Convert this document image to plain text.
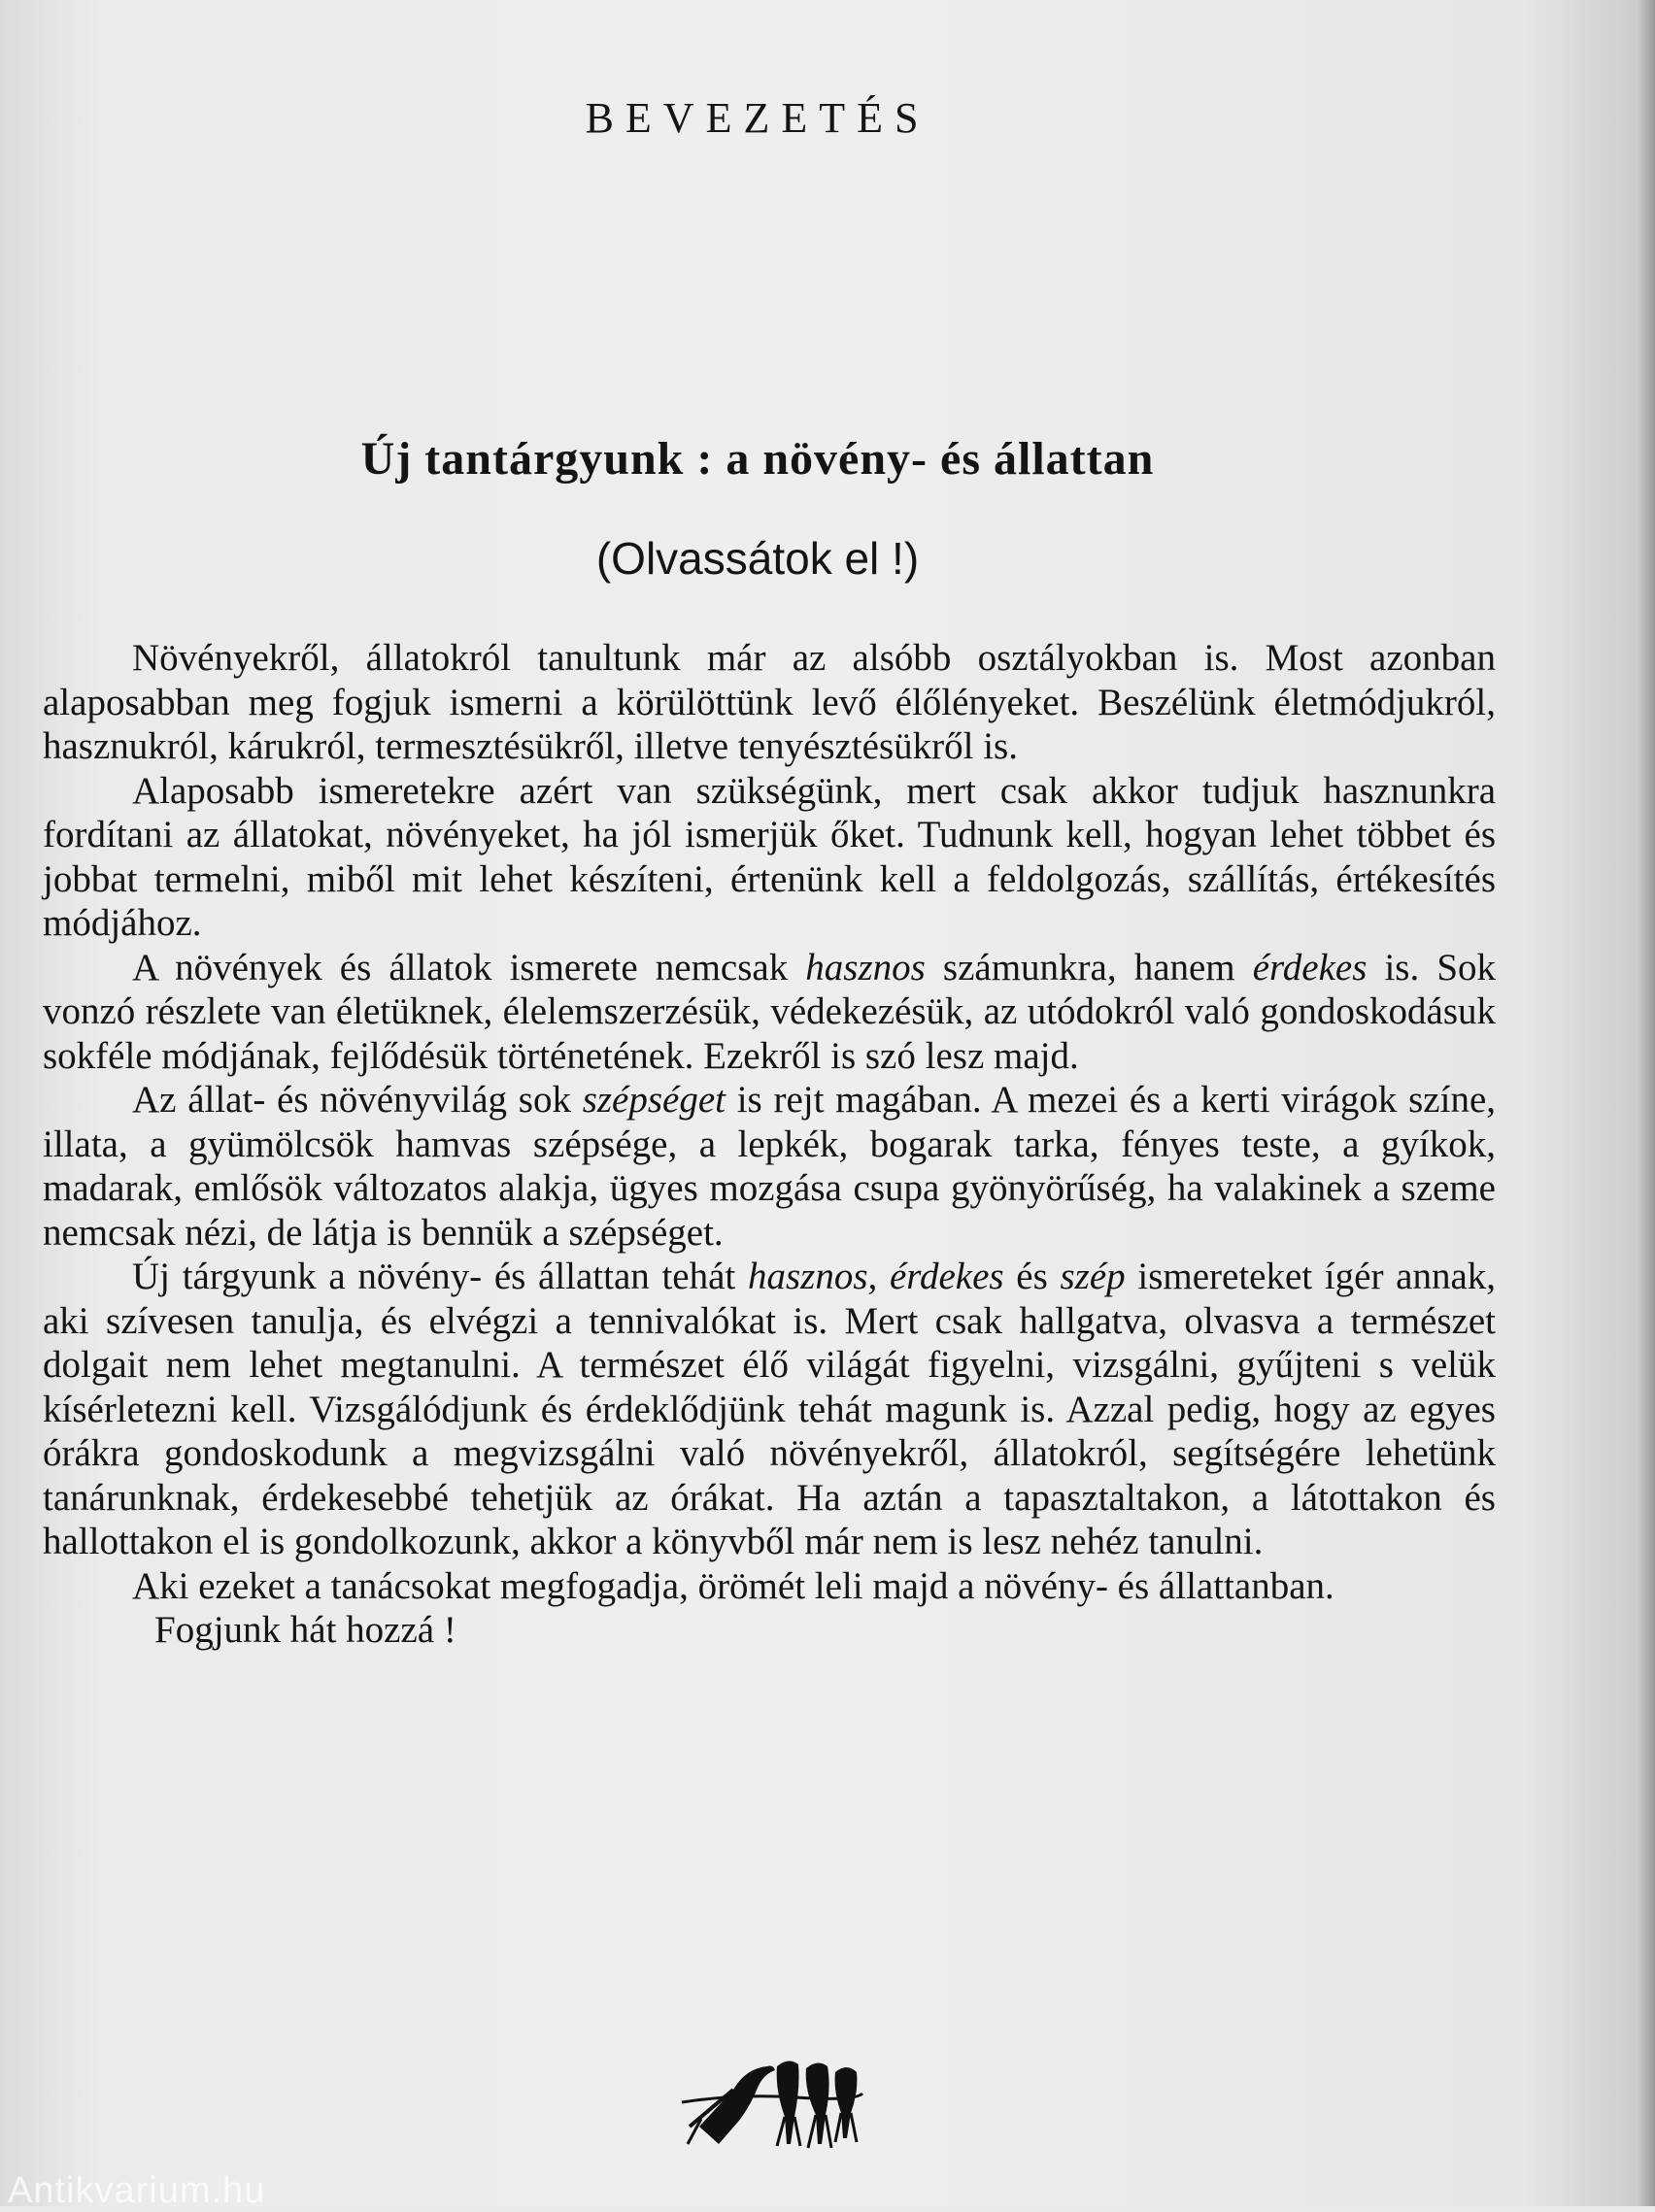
BEVEZETÉS
Új tantárgyunk : a növény- és állattan
(Olvassátok el !)

Növényekről, állatokról tanultunk már az alsóbb osztályokban is. Most azonban alaposabban meg fogjuk ismerni a körülöttünk levő élőlényeket. Beszélünk életmódjukról, hasznukról, kárukról, termesztésükről, illetve tenyésztésükről is.

Alaposabb ismeretekre azért van szükségünk, mert csak akkor tudjuk hasznunkra fordítani az állatokat, növényeket, ha jól ismerjük őket. Tudnunk kell, hogyan lehet többet és jobbat termelni, miből mit lehet készíteni, értenünk kell a feldolgozás, szállítás, értékesítés módjához.

A növények és állatok ismerete nemcsak hasznos számunkra, hanem érdekes is. Sok vonzó részlete van életüknek, élelemszerzésük, védekezésük, az utódokról való gondoskodásuk sokféle módjának, fejlődésük történetének. Ezekről is szó lesz majd.

Az állat- és növényvilág sok szépséget is rejt magában. A mezei és a kerti virágok színe, illata, a gyümölcsök hamvas szépsége, a lepkék, bogarak tarka, fényes teste, a gyíkok, madarak, emlősök változatos alakja, ügyes mozgása csupa gyönyörűség, ha valakinek a szeme nemcsak nézi, de látja is bennük a szépséget.

Új tárgyunk a növény- és állattan tehát hasznos, érdekes és szép ismereteket ígér annak, aki szívesen tanulja, és elvégzi a tennivalókat is. Mert csak hallgatva, olvasva a természet dolgait nem lehet megtanulni. A természet élő világát figyelni, vizsgálni, gyűjteni s velük kísérletezni kell. Vizsgálódjunk és érdeklődjünk tehát magunk is. Azzal pedig, hogy az egyes órákra gondoskodunk a megvizsgálni való növényekről, állatokról, segítségére lehetünk tanárunknak, érdekesebbé tehetjük az órákat. Ha aztán a tapasztaltakon, a látottakon és hallottakon el is gondolkozunk, akkor a könyvből már nem is lesz nehéz tanulni.

Aki ezeket a tanácsokat megfogadja, örömét leli majd a növény- és állattanban.

Fogjunk hát hozzá !

Antikvarium.hu
